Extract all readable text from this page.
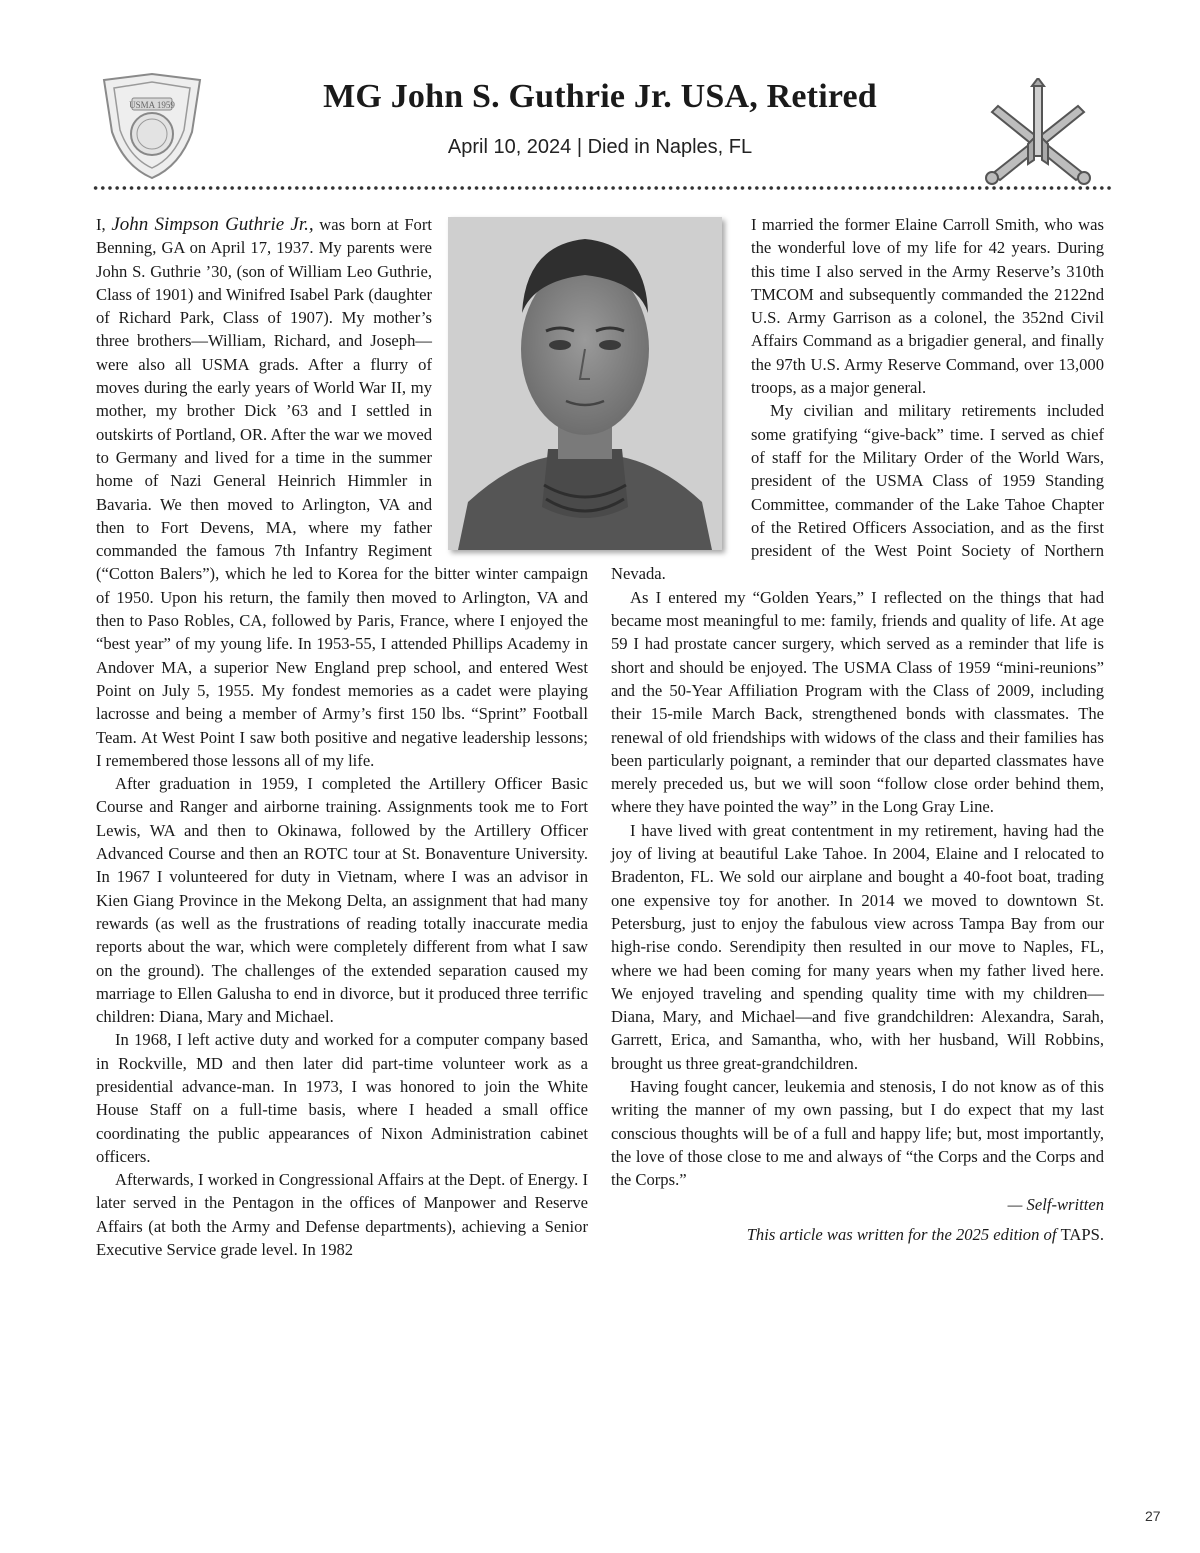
USMA 1959	MG John S. Guthrie Jr. USA, Retired
April 10, 2024 | Died in Naples, FL

I, John Simpson Guthrie Jr., was born at Fort Benning, GA on April 17, 1937. My parents were John S. Guthrie ’30, (son of William Leo Guthrie, Class of 1901) and Winifred Isabel Park (daughter of Richard Park, Class of 1907). My mother’s three brothers—William, Richard, and Joseph—were also all USMA grads. After a flurry of moves during the early years of World War II, my mother, my brother Dick ’63 and I settled in outskirts of Portland, OR. After the war we moved to Germany and lived for a time in the summer home of Nazi General Heinrich Himmler in Bavaria. We then moved to Arlington, VA and then to Fort Devens, MA, where my father commanded the famous 7th Infantry Regiment (“Cotton Balers”), which he led to Korea for the bitter winter campaign of 1950. Upon his return, the family then moved to Arlington, VA and then to Paso Robles, CA, followed by Paris, France, where I enjoyed the “best year” of my young life. In 1953-55, I attended Phillips Academy in Andover MA, a superior New England prep school, and entered West Point on July 5, 1955. My fondest memories as a cadet were playing lacrosse and being a member of Army’s first 150 lbs. “Sprint” Football Team. At West Point I saw both positive and negative leadership lessons; I remembered those lessons all of my life.

After graduation in 1959, I completed the Artillery Officer Basic Course and Ranger and airborne training. Assignments took me to Fort Lewis, WA and then to Okinawa, followed by the Artillery Officer Advanced Course and then an ROTC tour at St. Bonaventure University. In 1967 I volunteered for duty in Vietnam, where I was an advisor in Kien Giang Province in the Mekong Delta, an assignment that had many rewards (as well as the frustrations of reading totally inaccurate media reports about the war, which were completely different from what I saw on the ground). The challenges of the extended separation caused my marriage to Ellen Galusha to end in divorce, but it produced three terrific children: Diana, Mary and Michael.

In 1968, I left active duty and worked for a computer company based in Rockville, MD and then later did part-time volunteer work as a presidential advance-man. In 1973, I was honored to join the White House Staff on a full-time basis, where I headed a small office coordinating the public appearances of Nixon Administration cabinet officers.

Afterwards, I worked in Congressional Affairs at the Dept. of Energy. I later served in the Pentagon in the offices of Manpower and Reserve Affairs (at both the Army and Defense departments), achieving a Senior Executive Service grade level. In 1982

I married the former Elaine Carroll Smith, who was the wonderful love of my life for 42 years. During this time I also served in the Army Reserve’s 310th TMCOM and subsequently commanded the 2122nd U.S. Army Garrison as a colonel, the 352nd Civil Affairs Command as a brigadier general, and finally the 97th U.S. Army Reserve Command, over 13,000 troops, as a major general.

My civilian and military retirements included some gratifying “give-back” time. I served as chief of staff for the Military Order of the World Wars, president of the USMA Class of 1959 Standing Committee, commander of the Lake Tahoe Chapter of the Retired Officers Association, and as the first president of the West Point Society of Northern Nevada.

As I entered my “Golden Years,” I reflected on the things that had became most meaningful to me: family, friends and quality of life. At age 59 I had prostate cancer surgery, which served as a reminder that life is short and should be enjoyed. The USMA Class of 1959 “mini-reunions” and the 50-Year Affiliation Program with the Class of 2009, including their 15-mile March Back, strengthened bonds with classmates. The renewal of old friendships with widows of the class and their families has been particularly poignant, a reminder that our departed classmates have merely preceded us, but we will soon “follow close order behind them, where they have pointed the way” in the Long Gray Line.

I have lived with great contentment in my retirement, having had the joy of living at beautiful Lake Tahoe. In 2004, Elaine and I relocated to Bradenton, FL. We sold our airplane and bought a 40-foot boat, trading one expensive toy for another. In 2014 we moved to downtown St. Petersburg, just to enjoy the fabulous view across Tampa Bay from our high-rise condo. Serendipity then resulted in our move to Naples, FL, where we had been coming for many years when my father lived here. We enjoyed traveling and spending quality time with my children—Diana, Mary, and Michael—and five grandchildren: Alexandra, Sarah, Garrett, Erica, and Samantha, who, with her husband, Will Robbins, brought us three great-grandchildren.

Having fought cancer, leukemia and stenosis, I do not know as of this writing the manner of my own passing, but I do expect that my last conscious thoughts will be of a full and happy life; but, most importantly, the love of those close to me and always of “the Corps and the Corps and the Corps.”

— Self-written

This article was written for the 2025 edition of TAPS.

27
